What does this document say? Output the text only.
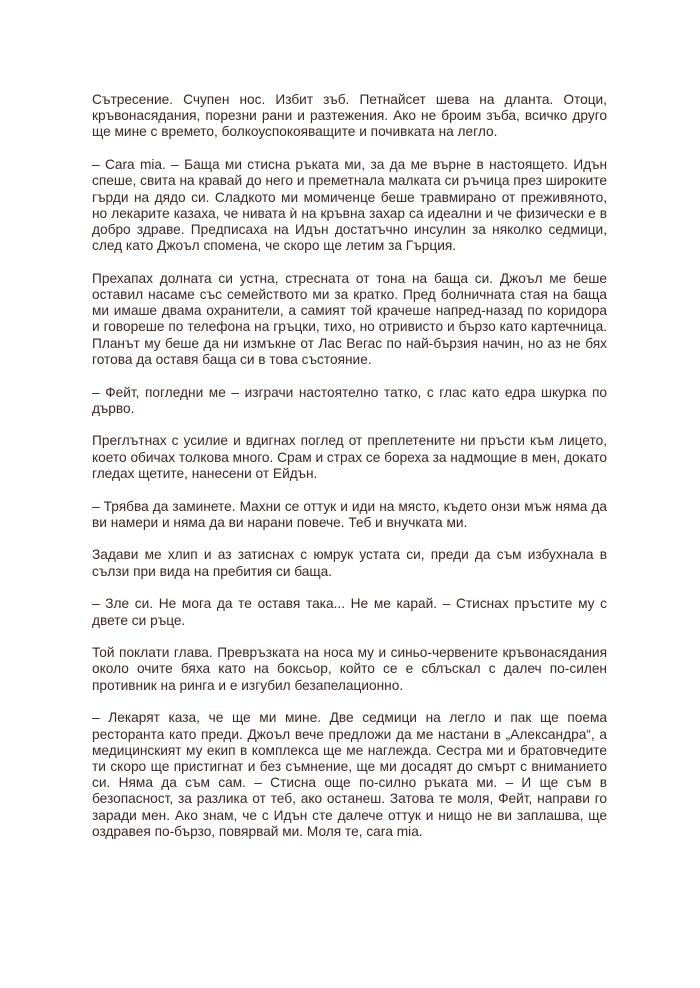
Сътресение. Счупен нос. Избит зъб. Петнайсет шева на дланта. Отоци, кръвонасядания, порезни рани и разтежения. Ако не броим зъба, всичко друго ще мине с времето, болкоуспокояващите и почивката на легло.

– Cara mia. – Баща ми стисна ръката ми, за да ме върне в настоящето. Идън спеше, свита на кравай до него и преметнала малката си ръчица през широките гърди на дядо си. Сладкото ми момиченце беше травмирано от преживяното, но лекарите казаха, че нивата ѝ на кръвна захар са идеални и че физически е в добро здраве. Предписаха на Идън достатъчно инсулин за няколко седмици, след като Джоъл спомена, че скоро ще летим за Гърция.

Прехапах долната си устна, стресната от тона на баща си. Джоъл ме беше оставил насаме със семейството ми за кратко. Пред болничната стая на баща ми имаше двама охранители, а самият той крачеше напред-назад по коридора и говореше по телефона на гръцки, тихо, но отривисто и бързо като картечница. Планът му беше да ни измъкне от Лас Вегас по най-бързия начин, но аз не бях готова да оставя баща си в това състояние.

– Фейт, погледни ме – изграчи настоятелно татко, с глас като едра шкурка по дърво.

Преглътнах с усилие и вдигнах поглед от преплетените ни пръсти към лицето, което обичах толкова много. Срам и страх се бореха за надмощие в мен, докато гледах щетите, нанесени от Ейдън.

– Трябва да заминете. Махни се оттук и иди на място, където онзи мъж няма да ви намери и няма да ви нарани повече. Теб и внучката ми.

Задави ме хлип и аз затиснах с юмрук устата си, преди да съм избухнала в сълзи при вида на пребития си баща.

– Зле си. Не мога да те оставя така... Не ме карай. – Стиснах пръстите му с двете си ръце.

Той поклати глава. Превръзката на носа му и синьо-червените кръвонасядания около очите бяха като на боксьор, който се е сблъскал с далеч по-силен противник на ринга и е изгубил безапелационно.

– Лекарят каза, че ще ми мине. Две седмици на легло и пак ще поема ресторанта като преди. Джоъл вече предложи да ме настани в „Александра“, а медицинският му екип в комплекса ще ме наглежда. Сестра ми и братовчедите ти скоро ще пристигнат и без съмнение, ще ми досадят до смърт с вниманието си. Няма да съм сам. – Стисна още по-силно ръката ми. – И ще съм в безопасност, за разлика от теб, ако останеш. Затова те моля, Фейт, направи го заради мен. Ако знам, че с Идън сте далече оттук и нищо не ви заплашва, ще оздравея по-бързо, повярвай ми. Моля те, cara mia.
